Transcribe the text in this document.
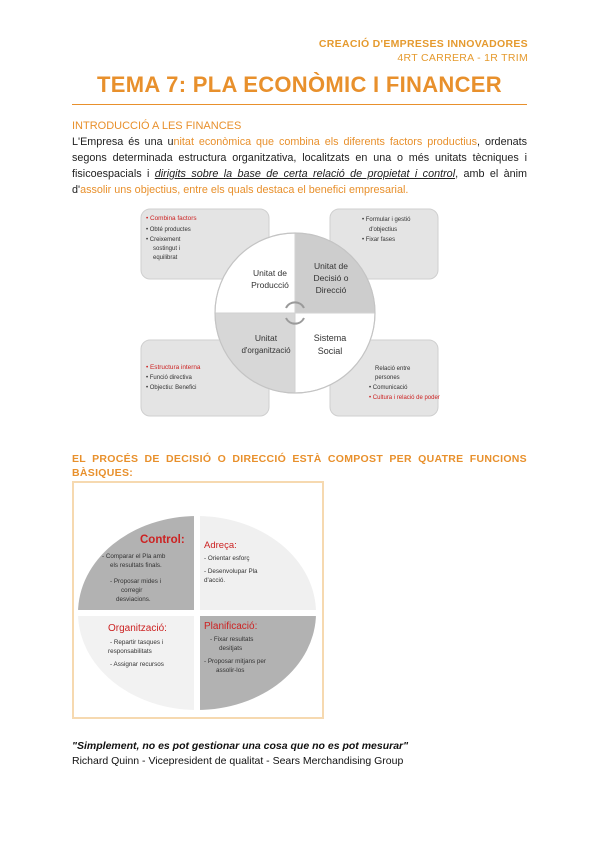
CREACIÓ D'EMPRESES INNOVADORES
4RT CARRERA - 1R TRIM
TEMA 7: PLA ECONÒMIC I FINANCER
INTRODUCCIÓ A LES FINANCES
L'Empresa és una unitat econòmica que combina els diferents factors productius, ordenats segons determinada estructura organitzativa, localitzats en una o més unitats tècniques i fisicoespacials i dirigits sobre la base de certa relació de propietat i control, amb el ànim d'assolir uns objectius, entre els quals destaca el benefici empresarial.
• Combina factors
• Obté productes
• Creixement
sostingut i
equilibrat
• Formular i gestió
d'objectius
• Fixar fases
• Estructura interna
• Funció directiva
• Objectiu: Benefici
Relació entre
persones
• Comunicació
• Cultura i relació de poder
Unitat de
Producció
Unitat de
Decisió o
Direcció
Unitat
d'organització
Sistema
Social
EL PROCÉS DE DECISIÓ O DIRECCIÓ ESTÀ COMPOST PER QUATRE FUNCIONS BÀSIQUES:
Control:
- Comparar el Pla amb
els resultats finals.
- Proposar mides i
corregir
desviacions.
Adreça:
- Orientar esforç
- Desenvolupar Pla
d'acció.
Organització:
- Repartir tasques i
responsabilitats
- Assignar recursos
Planificació:
- Fixar resultats
desitjats
- Proposar mitjans per
assolir-los
"Simplement, no es pot gestionar una cosa que no es pot mesurar"
Richard Quinn - Vicepresident de qualitat - Sears Merchandising Group
